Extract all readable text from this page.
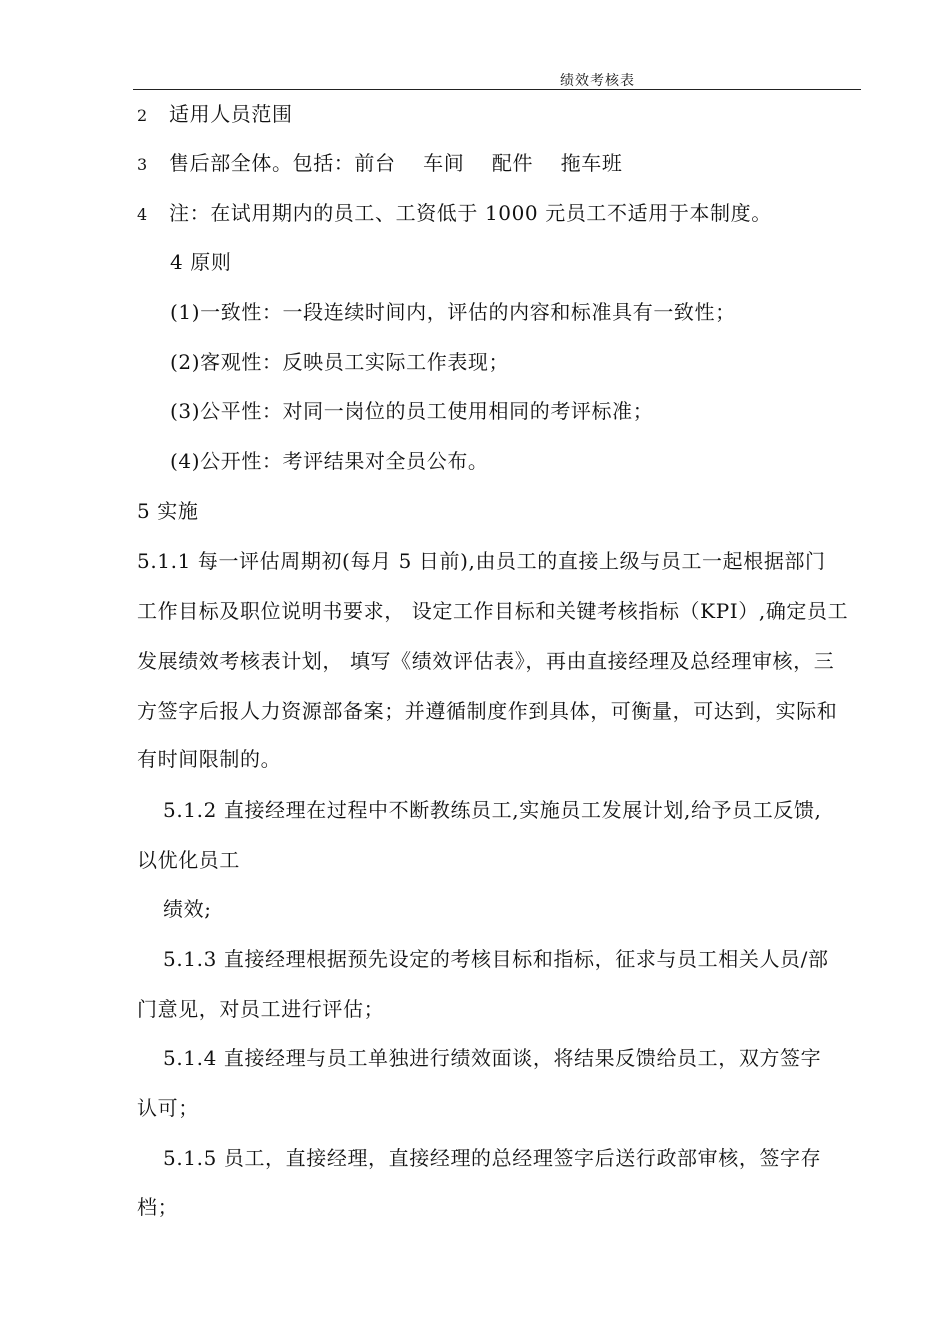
绩效考核表
2 适用人员范围
3 售后部全体。包括：前台　 车间　 配件　 拖车班
4 注：在试用期内的员工、工资低于 1000 元员工不适用于本制度。
4 原则
(1)一致性：一段连续时间内，评估的内容和标准具有一致性；
(2)客观性：反映员工实际工作表现；
(3)公平性：对同一岗位的员工使用相同的考评标准；
(4)公开性：考评结果对全员公布。
5 实施
5.1.1 每一评估周期初(每月 5 日前),由员工的直接上级与员工一起根据部门
工作目标及职位说明书要求， 设定工作目标和关键考核指标（KPI）,确定员工
发展绩效考核表计划， 填写《绩效评估表》，再由直接经理及总经理审核，三
方签字后报人力资源部备案；并遵循制度作到具体，可衡量，可达到，实际和
有时间限制的。
5.1.2 直接经理在过程中不断教练员工,实施员工发展计划,给予员工反馈,
以优化员工
绩效;
5.1.3 直接经理根据预先设定的考核目标和指标，征求与员工相关人员/部
门意见，对员工进行评估；
5.1.4 直接经理与员工单独进行绩效面谈，将结果反馈给员工，双方签字
认可；
5.1.5 员工，直接经理，直接经理的总经理签字后送行政部审核，签字存
档；
